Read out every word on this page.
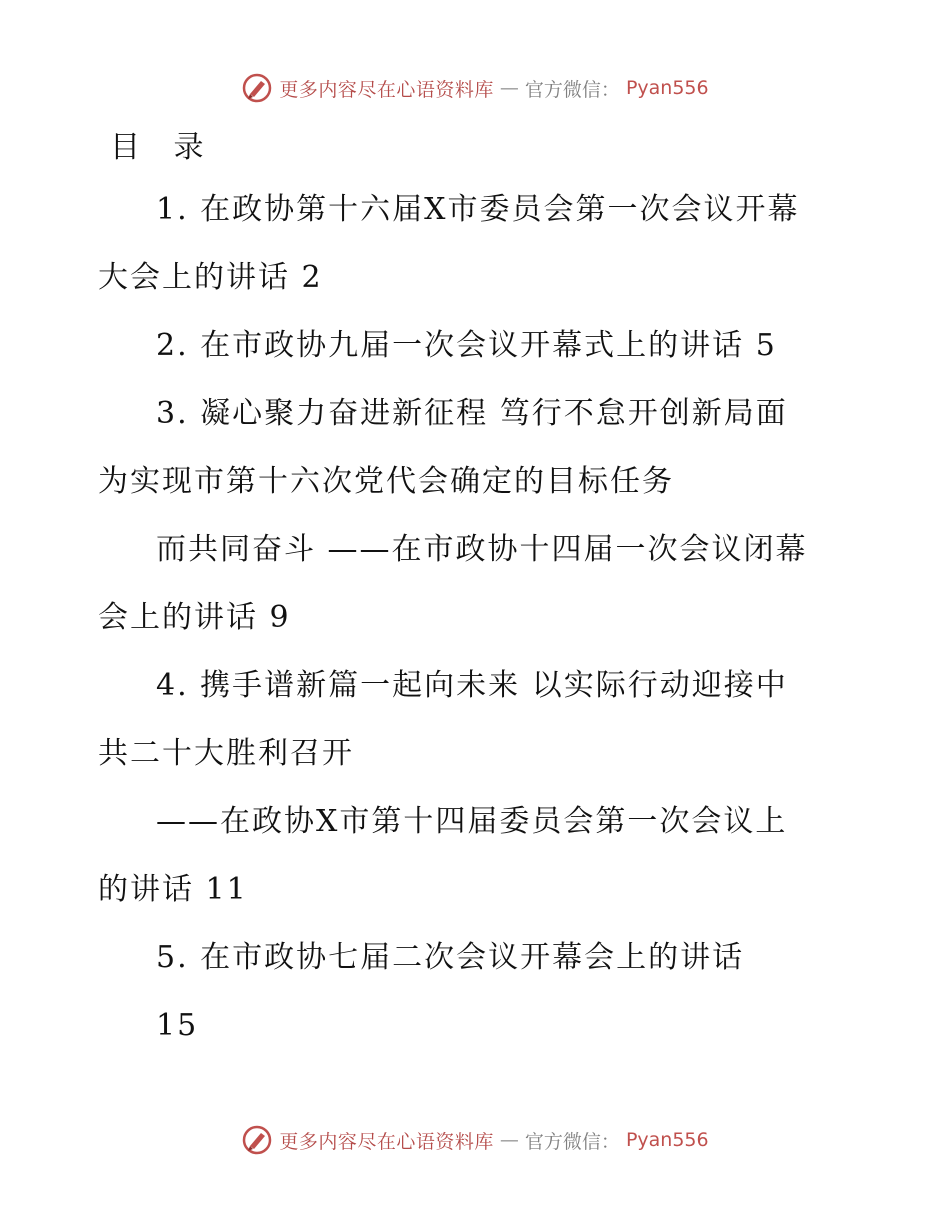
更多内容尽在心语资料库 — 官方微信： Pyan556
目 录
1. 在政协第十六届X市委员会第一次会议开幕
大会上的讲话 2
2. 在市政协九届一次会议开幕式上的讲话 5
3. 凝心聚力奋进新征程 笃行不怠开创新局面
为实现市第十六次党代会确定的目标任务
而共同奋斗 ——在市政协十四届一次会议闭幕
会上的讲话 9
4. 携手谱新篇一起向未来 以实际行动迎接中
共二十大胜利召开
——在政协X市第十四届委员会第一次会议上
的讲话 11
5. 在市政协七届二次会议开幕会上的讲话
15
更多内容尽在心语资料库 — 官方微信： Pyan556
